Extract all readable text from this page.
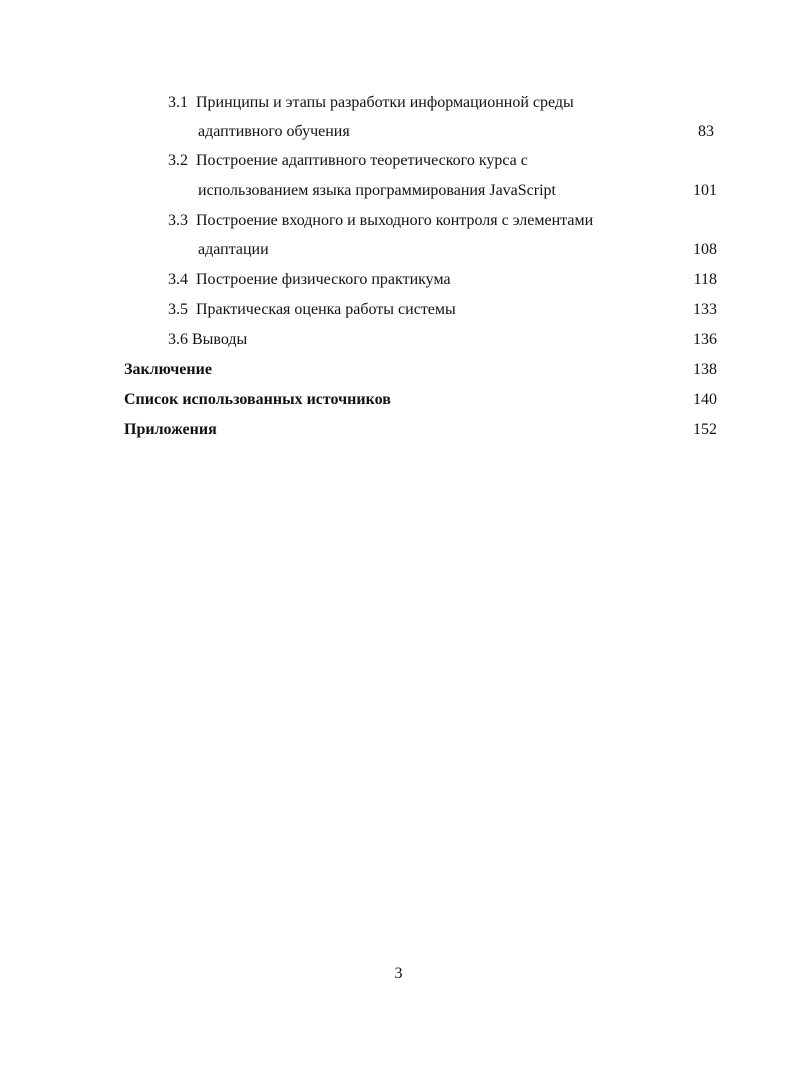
3.1 Принципы и этапы разработки информационной среды
адаптивного обучения	83
3.2 Построение адаптивного теоретического курса с
использованием языка программирования JavaScript	101
3.3 Построение входного и выходного контроля с элементами
адаптации	108
3.4 Построение физического практикума	118
3.5 Практическая оценка работы системы	133
3.6 Выводы	136
Заключение	138
Список использованных источников	140
Приложения	152
3
